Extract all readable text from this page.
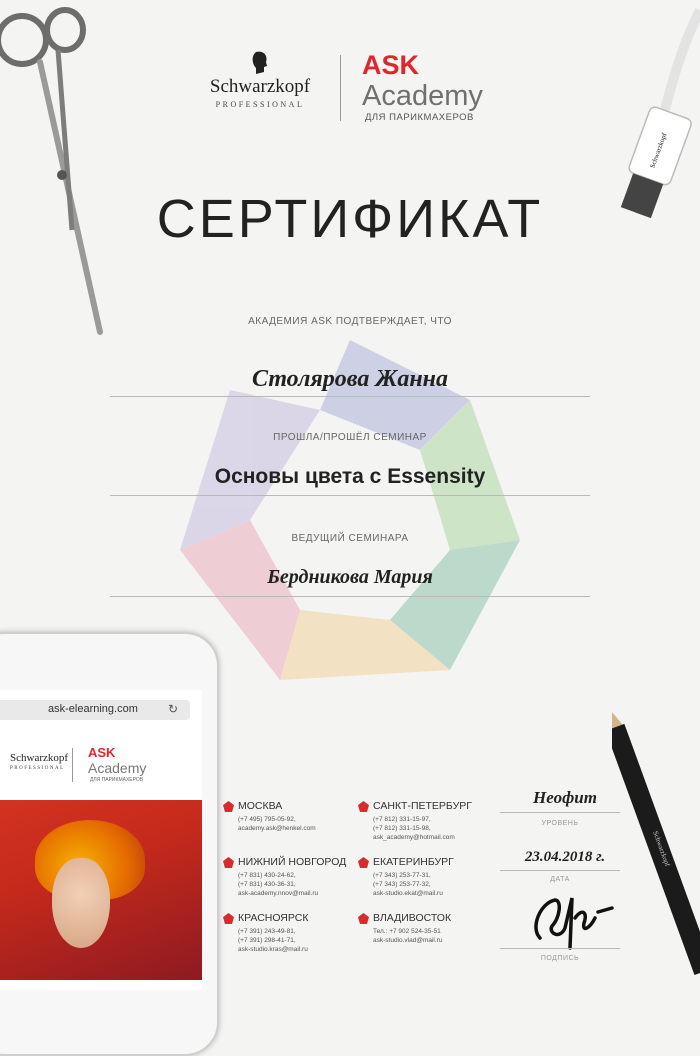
Schwarzkopf
Schwarzkopf
Schwarzkopf
PROFESSIONAL
ASK
Academy
ДЛЯ ПАРИКМАХЕРОВ
СЕРТИФИКАТ
АКАДЕМИЯ ASK ПОДТВЕРЖДАЕТ, ЧТО
Столярова Жанна
ПРОШЛА/ПРОШЁЛ СЕМИНАР
Основы цвета с Essensity
ВЕДУЩИЙ СЕМИНАРА
Бердникова Мария
МОСКВА
(+7 495) 795-05-92,
academy.ask@henkel.com
САНКТ-ПЕТЕРБУРГ
(+7 812) 331-15-97,
(+7 812) 331-15-98,
ask_academy@hotmail.com
НИЖНИЙ НОВГОРОД
(+7 831) 430-24-62,
(+7 831) 430-36-31,
ask-academy.nnov@mail.ru
ЕКАТЕРИНБУРГ
(+7 343) 253-77-31,
(+7 343) 253-77-32,
ask-studio.ekat@mail.ru
КРАСНОЯРСК
(+7 391) 243-49-81,
(+7 391) 298-41-71,
ask-studio.kras@mail.ru
ВЛАДИВОСТОК
Тел.: +7 902 524-35-51
ask-studio.vlad@mail.ru
Неофит
УРОВЕНЬ
23.04.2018 г.
ДАТА
ПОДПИСЬ
ask-elearning.com	↻
Schwarzkopf
PROFESSIONAL
ASK
Academy
ДЛЯ ПАРИКМАХЕРОВ
